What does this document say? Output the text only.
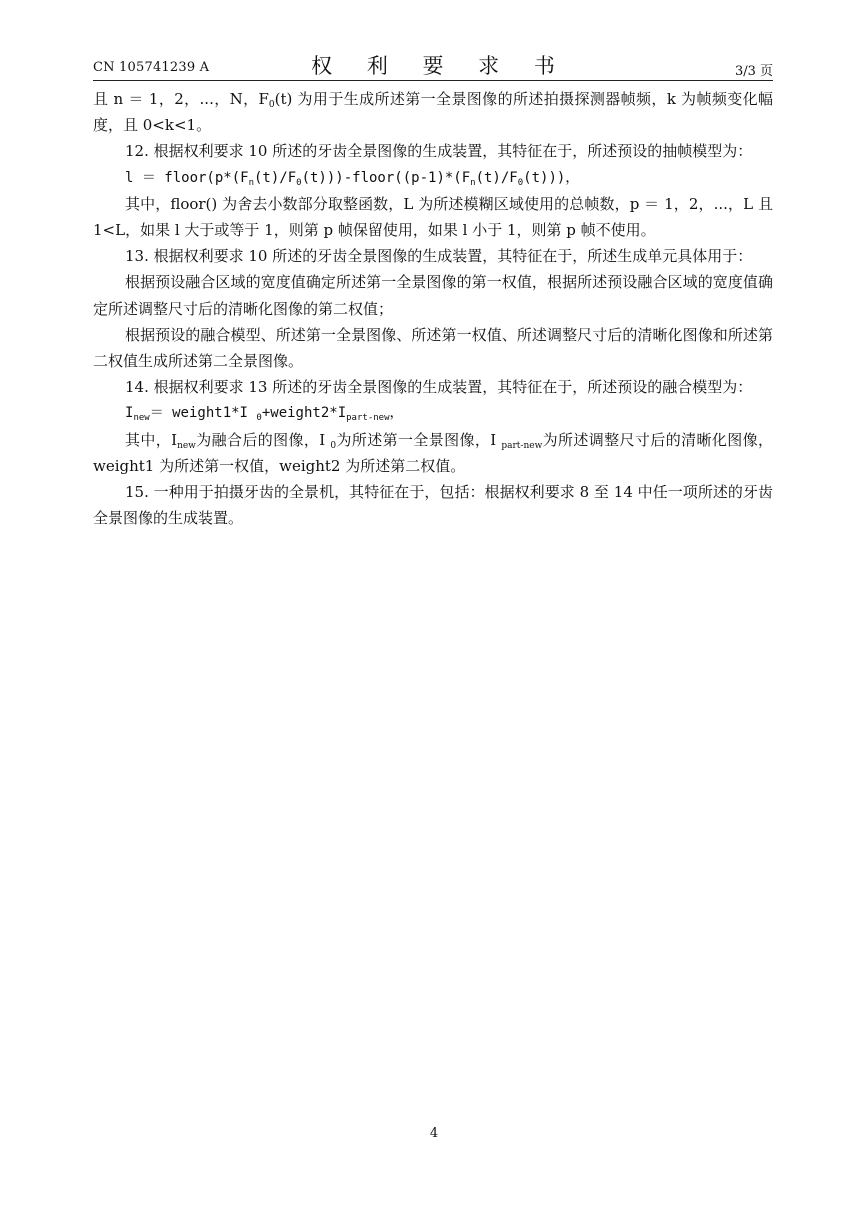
CN 105741239 A	权 利 要 求 书	3/3 页

且 n ＝ 1，2，...，N，$F_0(t)$ 为用于生成所述第一全景图像的所述拍摄探测器帧频，k 为帧频变化幅度，且 0<k<1。

12. 根据权利要求 10 所述的牙齿全景图像的生成装置，其特征在于，所述预设的抽帧模型为：

$l = floor(p*(F_n(t)/F_0(t)))-floor((p-1)*(F_n(t)/F_0(t)))$，

其中，floor() 为舍去小数部分取整函数，L 为所述模糊区域使用的总帧数，p ＝ 1，2，...，L 且 1<L，如果 l 大于或等于 1，则第 p 帧保留使用，如果 l 小于 1，则第 p 帧不使用。

13. 根据权利要求 10 所述的牙齿全景图像的生成装置，其特征在于，所述生成单元具体用于：

根据预设融合区域的宽度值确定所述第一全景图像的第一权值，根据所述预设融合区域的宽度值确定所述调整尺寸后的清晰化图像的第二权值；

根据预设的融合模型、所述第一全景图像、所述第一权值、所述调整尺寸后的清晰化图像和所述第二权值生成所述第二全景图像。

14. 根据权利要求 13 所述的牙齿全景图像的生成装置，其特征在于，所述预设的融合模型为：

$I_{new}=$ weight1*I $_0+weight2*I_{part-new}$，

其中，$I_{new}$为融合后的图像，I $_0$为所述第一全景图像，I $_{part-new}$为所述调整尺寸后的清晰化图像，weight1 为所述第一权值，weight2 为所述第二权值。

15. 一种用于拍摄牙齿的全景机，其特征在于，包括：根据权利要求 8 至 14 中任一项所述的牙齿全景图像的生成装置。

4
